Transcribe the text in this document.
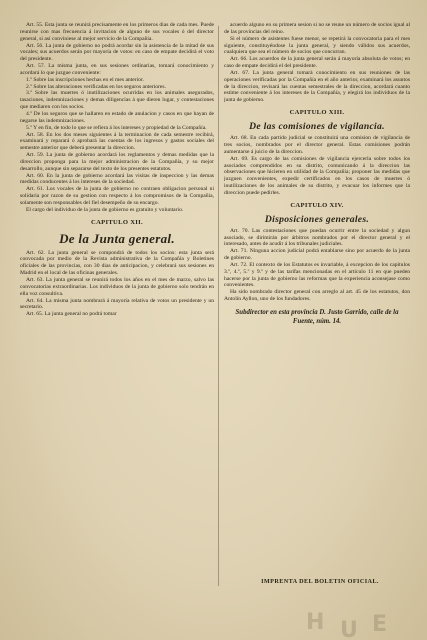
Art. 55. Esta junta se reunirá precisamente en los primeros dias de cada mes. Puede reunirse con mas frecuencia á invitacion de alguno de sus vocales ó del director general, si así conviniese al mejor servicio de la Compañía.

Art. 56. La junta de gobierno no podrá acordar sin la asistencia de la mitad de sus vocales; sus acuerdos serán por mayoría de votos: en caso de empate decidirá el voto del presidente.

Art. 57. La misma junta, en sus sesiones ordinarias, tomará conocimiento y acordará lo que juzgue conveniente:

1.º Sobre las inscripciones hechas en el mes anterior.

2.º Sobre las alteraciones verificadas en los seguros anteriores.

3.º Sobre las muertes ó inutilizaciones ocurridas en los animales asegurados, tasaciones, indemnizaciones y demas diligencias á que dieren lugar, y contestaciones que mediaren con los socios.

4.º De los seguros que se hallaren en estado de anulacion y casos en que hayan de negarse las indemnizaciones.

5.º Y en fin, de todo lo que se refiera á los intereses y propiedad de la Compañía.

Art. 58. En los dos meses siguientes á la terminacion de cada semestre recibirá, examinará y reparará ó aprobará las cuentas de los ingresos y gastos sociales del semestre anterior que deberá presentar la direccion.

Art. 59. La junta de gobierno acordará los reglamentos y demas medidas que la direccion proponga para la mejor administracion de la Compañía, y su mejor desarrollo, aunque sin separarse del texto de los presentes estatutos.

Art. 60. En la junta de gobierno acordará las visitas de inspeccion y las demas medidas conducentes á los intereses de la sociedad.

Art. 61. Los vocales de la junta de gobierno no contraen obligacion personal ni solidaria por razon de su gestion con respecto á los compromisos de la Compañía, solamente son responsables del fiel desempeño de su encargo.

El cargo del individuo de la junta de gobierno es gratuito y voluntario.

CAPITULO XII.
De la Junta general.

Art. 62. La junta general se compondrá de todos los socios: esta junta será convocada por medio de la Revista administrativa de la Compañía y Boletines oficiales de las provincias, con 30 dias de anticipacion, y celebrará sus sesiones en Madrid en el local de las oficinas generales.

Art. 63. La junta general se reunirá todos los años en el mes de marzo, salvo las convocatorias extraordinarias. Los individuos de la junta de gobierno solo tendrán en ella voz consultiva.

Art. 64. La misma junta nombrará á mayoría relativa de votos un presidente y un secretario.

Art. 65. La junta general no podrá tomar

acuerdo alguno en su primera sesion si no se reune un número de socios igual al de las provincias del reino.

Si el número de asistentes fuese menor, se repetirá la convocatoria para el mes siguiente, constituyéndose la junta general, y siendo válidos sus acuerdos, cualquiera que sea el número de socios que concurran.

Art. 66. Los acuerdos de la junta general serán á mayoría absoluta de votos; en caso de empate decidirá el del presidente.

Art. 67. La junta general tomará conocimiento en sus reuniones de las operaciones verificadas por la Compañía en el año anterior, examinará los asuntos de la direccion, revisará las cuentas semestrales de la direccion, acordará cuanto estime conveniente á los intereses de la Compañía, y elegirá los individuos de la junta de gobierno.

CAPITULO XIII.
De las comisiones de vigilancia.

Art. 68. En cada partido judicial se constituirá una comision de vigilancia de tres socios, nombrados por el director general. Estas comisiones podrán aumentarse á juicio de la direccion.

Art. 69. Es cargo de las comisiones de vigilancia ejercerla sobre todos los asociados comprendidos en su distrito, comunicando á la direccion las observaciones que hicieren en utilidad de la Compañía; proponer las medidas que juzguen convenientes, expedir certificados en los casos de muertes ó inutilizaciones de los animales de su distrito, y evacuar los informes que la direccion puede pedirles.

CAPITULO XIV.
Disposiciones generales.

Art. 70. Las contestaciones que puedan ocurrir entre la sociedad y algun asociado, se dirimirán por árbitros nombrados por el director general y el interesado, antes de acudir á los tribunales judiciales.

Art. 71. Ninguna accion judicial podrá entablarse sino por acuerdo de la junta de gobierno.

Art. 72. El contexto de los Estatutos es invariable, á excepcion de los capítulos 3.º, 4.º, 5.º y 9.º y de las tarifas mencionadas en el artículo 11 en que pueden hacerse por la junta de gobierno las reformas que la experiencia aconsejase como convenientes.

Ha sido nombrado director general con arreglo al art. 45 de los estatutos, don Antolín Ayllon, uno de los fundadores.

Subdirector en esta provincia D. Justo Garrido, calle de la Fuente, núm. 14.
IMPRENTA DEL BOLETIN OFICIAL.
H U E
